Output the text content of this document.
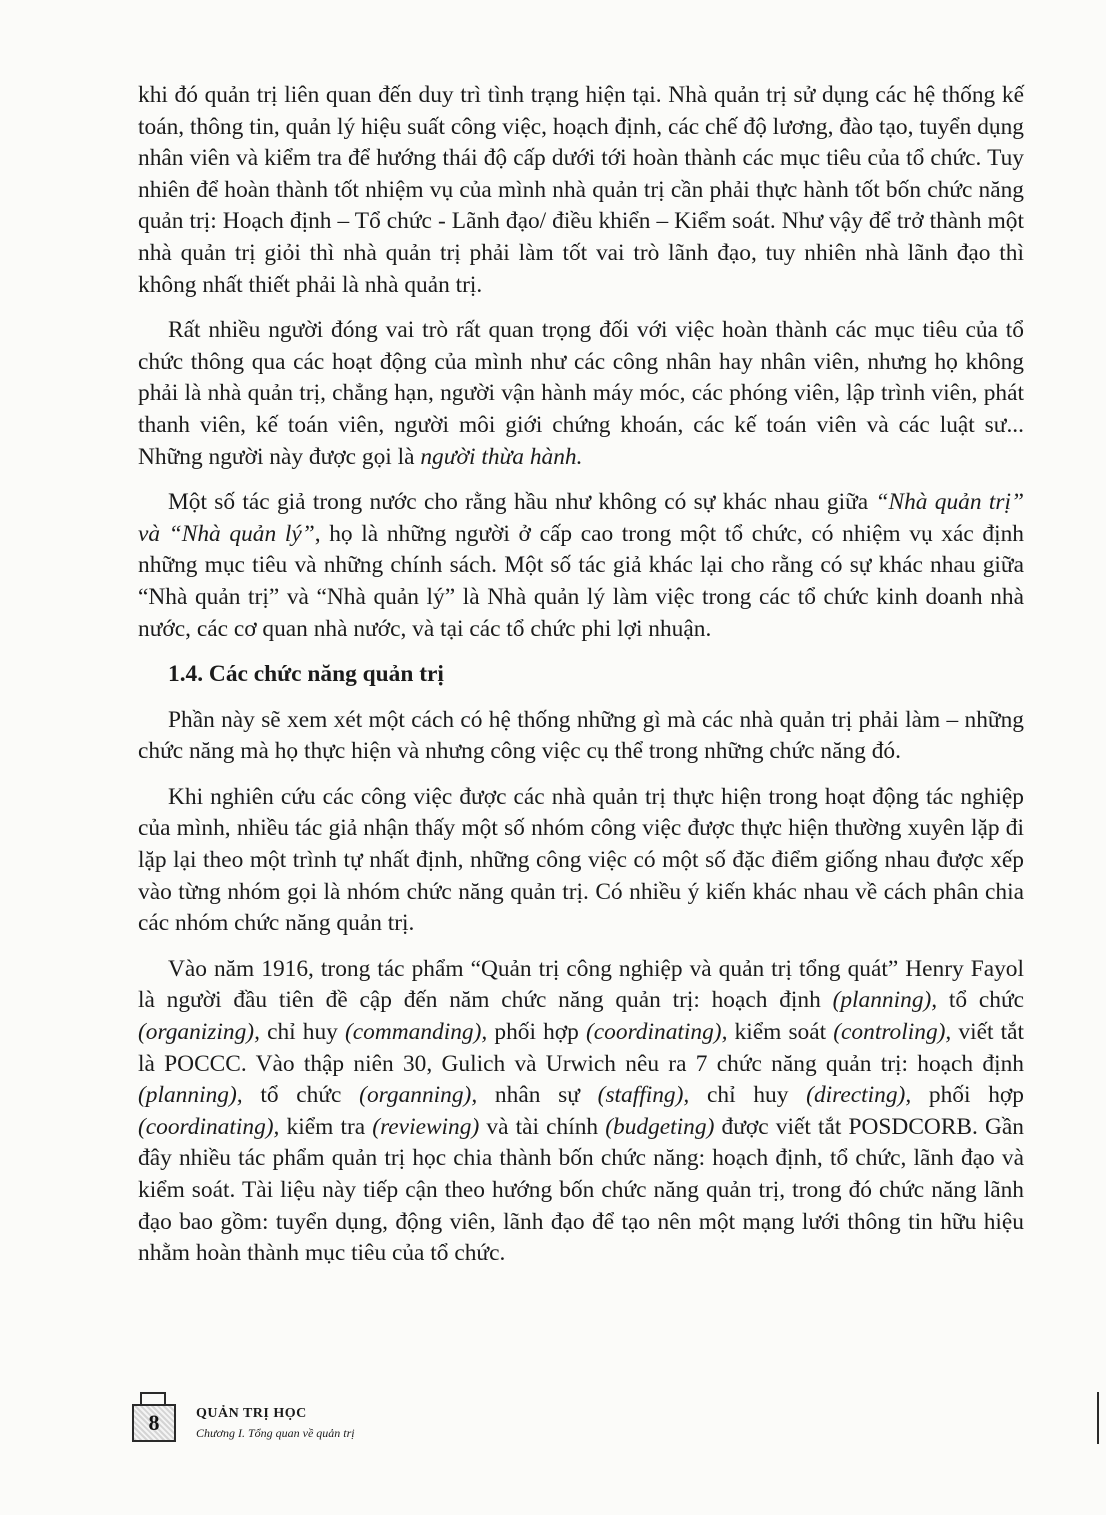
khi đó quản trị liên quan đến duy trì tình trạng hiện tại. Nhà quản trị sử dụng các hệ thống kế toán, thông tin, quản lý hiệu suất công việc, hoạch định, các chế độ lương, đào tạo, tuyển dụng nhân viên và kiểm tra để hướng thái độ cấp dưới tới hoàn thành các mục tiêu của tổ chức. Tuy nhiên để hoàn thành tốt nhiệm vụ của mình nhà quản trị cần phải thực hành tốt bốn chức năng quản trị: Hoạch định – Tổ chức - Lãnh đạo/ điều khiển – Kiểm soát. Như vậy để trở thành một nhà quản trị giỏi thì nhà quản trị phải làm tốt vai trò lãnh đạo, tuy nhiên nhà lãnh đạo thì không nhất thiết phải là nhà quản trị.

Rất nhiều người đóng vai trò rất quan trọng đối với việc hoàn thành các mục tiêu của tổ chức thông qua các hoạt động của mình như các công nhân hay nhân viên, nhưng họ không phải là nhà quản trị, chẳng hạn, người vận hành máy móc, các phóng viên, lập trình viên, phát thanh viên, kế toán viên, người môi giới chứng khoán, các kế toán viên và các luật sư... Những người này được gọi là người thừa hành.

Một số tác giả trong nước cho rằng hầu như không có sự khác nhau giữa “Nhà quản trị” và “Nhà quản lý”, họ là những người ở cấp cao trong một tổ chức, có nhiệm vụ xác định những mục tiêu và những chính sách. Một số tác giả khác lại cho rằng có sự khác nhau giữa “Nhà quản trị” và “Nhà quản lý” là Nhà quản lý làm việc trong các tổ chức kinh doanh nhà nước, các cơ quan nhà nước, và tại các tổ chức phi lợi nhuận.

1.4. Các chức năng quản trị

Phần này sẽ xem xét một cách có hệ thống những gì mà các nhà quản trị phải làm – những chức năng mà họ thực hiện và nhưng công việc cụ thể trong những chức năng đó.

Khi nghiên cứu các công việc được các nhà quản trị thực hiện trong hoạt động tác nghiệp của mình, nhiều tác giả nhận thấy một số nhóm công việc được thực hiện thường xuyên lặp đi lặp lại theo một trình tự nhất định, những công việc có một số đặc điểm giống nhau được xếp vào từng nhóm gọi là nhóm chức năng quản trị. Có nhiều ý kiến khác nhau về cách phân chia các nhóm chức năng quản trị.

Vào năm 1916, trong tác phẩm “Quản trị công nghiệp và quản trị tổng quát” Henry Fayol là người đầu tiên đề cập đến năm chức năng quản trị: hoạch định (planning), tổ chức (organizing), chỉ huy (commanding), phối hợp (coordinating), kiểm soát (controling), viết tắt là POCCC. Vào thập niên 30, Gulich và Urwich nêu ra 7 chức năng quản trị: hoạch định (planning), tổ chức (organning), nhân sự (staffing), chỉ huy (directing), phối hợp (coordinating), kiểm tra (reviewing) và tài chính (budgeting) được viết tắt POSDCORB. Gần đây nhiều tác phẩm quản trị học chia thành bốn chức năng: hoạch định, tổ chức, lãnh đạo và kiểm soát. Tài liệu này tiếp cận theo hướng bốn chức năng quản trị, trong đó chức năng lãnh đạo bao gồm: tuyển dụng, động viên, lãnh đạo để tạo nên một mạng lưới thông tin hữu hiệu nhằm hoàn thành mục tiêu của tổ chức.

8	QUẢN TRỊ HỌC
Chương I. Tổng quan về quản trị
